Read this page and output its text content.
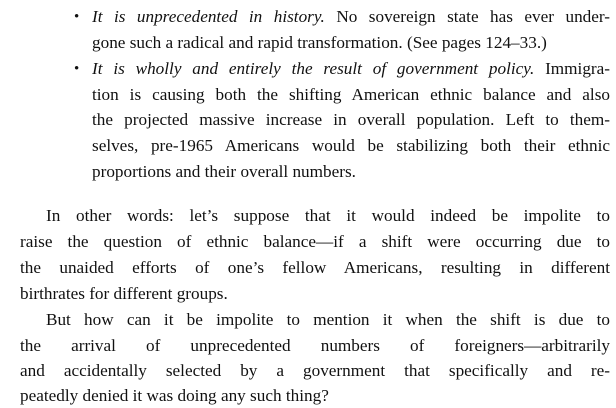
• It is unprecedented in history. No sovereign state has ever under-
gone such a radical and rapid transformation. (See pages 124–33.)
• It is wholly and entirely the result of government policy. Immigra-
tion is causing both the shifting American ethnic balance and also
the projected massive increase in overall population. Left to them-
selves, pre-1965 Americans would be stabilizing both their ethnic
proportions and their overall numbers.
In other words: let’s suppose that it would indeed be impolite to
raise the question of ethnic balance—if a shift were occurring due to
the unaided efforts of one’s fellow Americans, resulting in different
birthrates for different groups.
But how can it be impolite to mention it when the shift is due to
the arrival of unprecedented numbers of foreigners—arbitrarily
and accidentally selected by a government that specifically and re-
peatedly denied it was doing any such thing?
